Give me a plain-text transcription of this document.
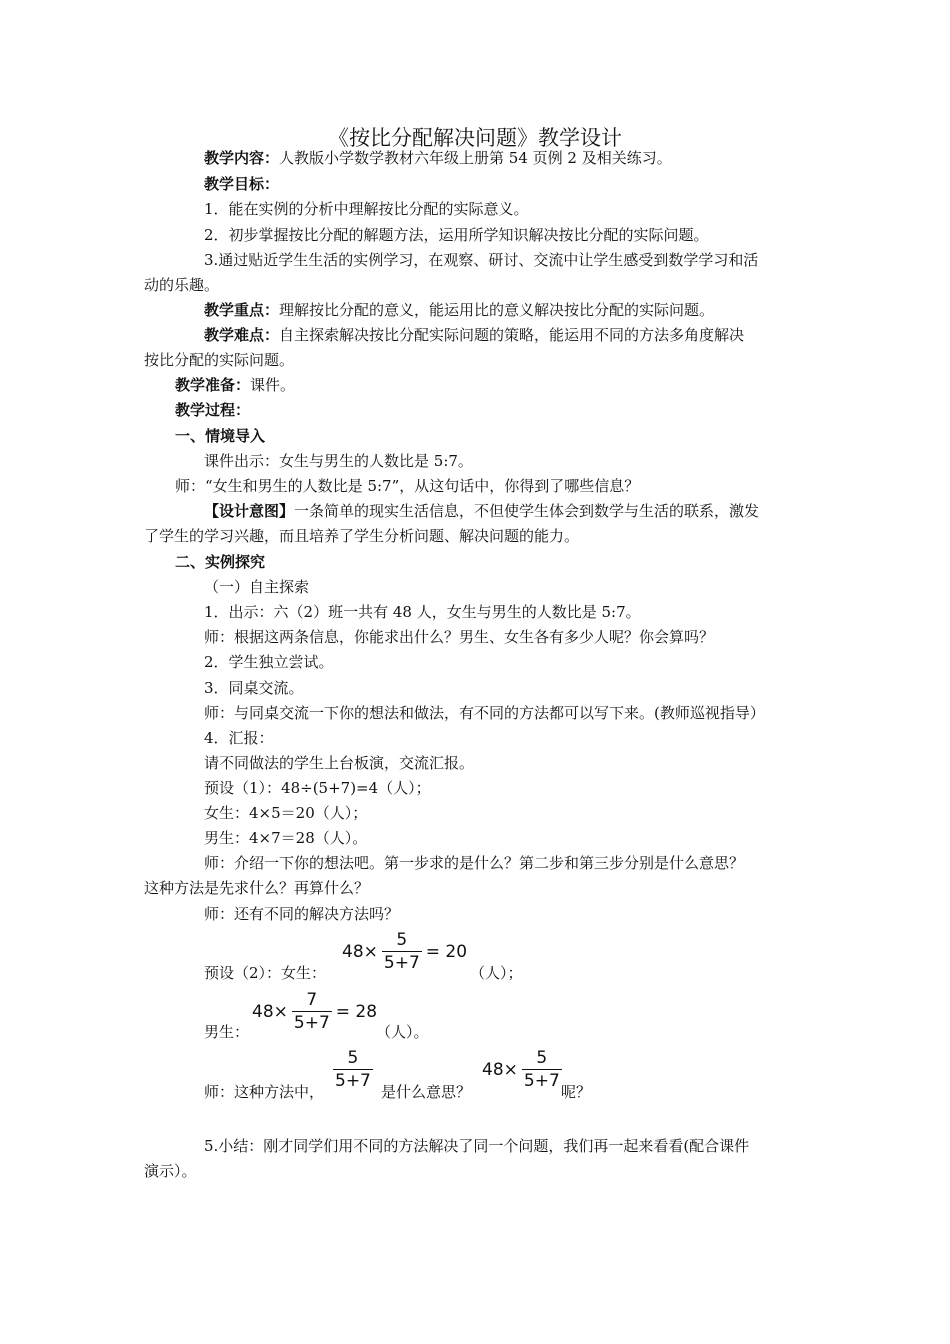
《按比分配解决问题》教学设计
教学内容：人教版小学数学教材六年级上册第 54 页例 2 及相关练习。
教学目标：
1．能在实例的分析中理解按比分配的实际意义。
2．初步掌握按比分配的解题方法，运用所学知识解决按比分配的实际问题。
3.通过贴近学生生活的实例学习，在观察、研讨、交流中让学生感受到数学学习和活
动的乐趣。
教学重点：理解按比分配的意义，能运用比的意义解决按比分配的实际问题。
教学难点：自主探索解决按比分配实际问题的策略，能运用不同的方法多角度解决
按比分配的实际问题。
教学准备：课件。
教学过程：
一、情境导入
课件出示：女生与男生的人数比是 5:7。
师：“女生和男生的人数比是 5:7”，从这句话中，你得到了哪些信息？
【设计意图】一条简单的现实生活信息，不但使学生体会到数学与生活的联系，激发
了学生的学习兴趣，而且培养了学生分析问题、解决问题的能力。
二、实例探究
（一）自主探索
1．出示：六（2）班一共有 48 人，女生与男生的人数比是 5:7。
师：根据这两条信息，你能求出什么？男生、女生各有多少人呢？你会算吗？
2．学生独立尝试。
3．同桌交流。
师：与同桌交流一下你的想法和做法，有不同的方法都可以写下来。(教师巡视指导）
4．汇报：
请不同做法的学生上台板演，交流汇报。
预设（1）：48÷(5+7)=4（人）；
女生：4×5＝20（人）；
男生：4×7＝28（人）。
师：介绍一下你的想法吧。第一步求的是什么？第二步和第三步分别是什么意思？
这种方法是先求什么？再算什么？
师：还有不同的解决方法吗？
预设（2）：女生：
$48\times \frac{5}{5+7} = 20$
（人）；
$48\times \frac{7}{5+7} = 28$
男生：	（人）。
师：这种方法中，
$\frac{5}{5+7}$
是什么意思？
$48\times \frac{5}{5+7}$
呢？
5.小结：刚才同学们用不同的方法解决了同一个问题，我们再一起来看看(配合课件
演示）。
